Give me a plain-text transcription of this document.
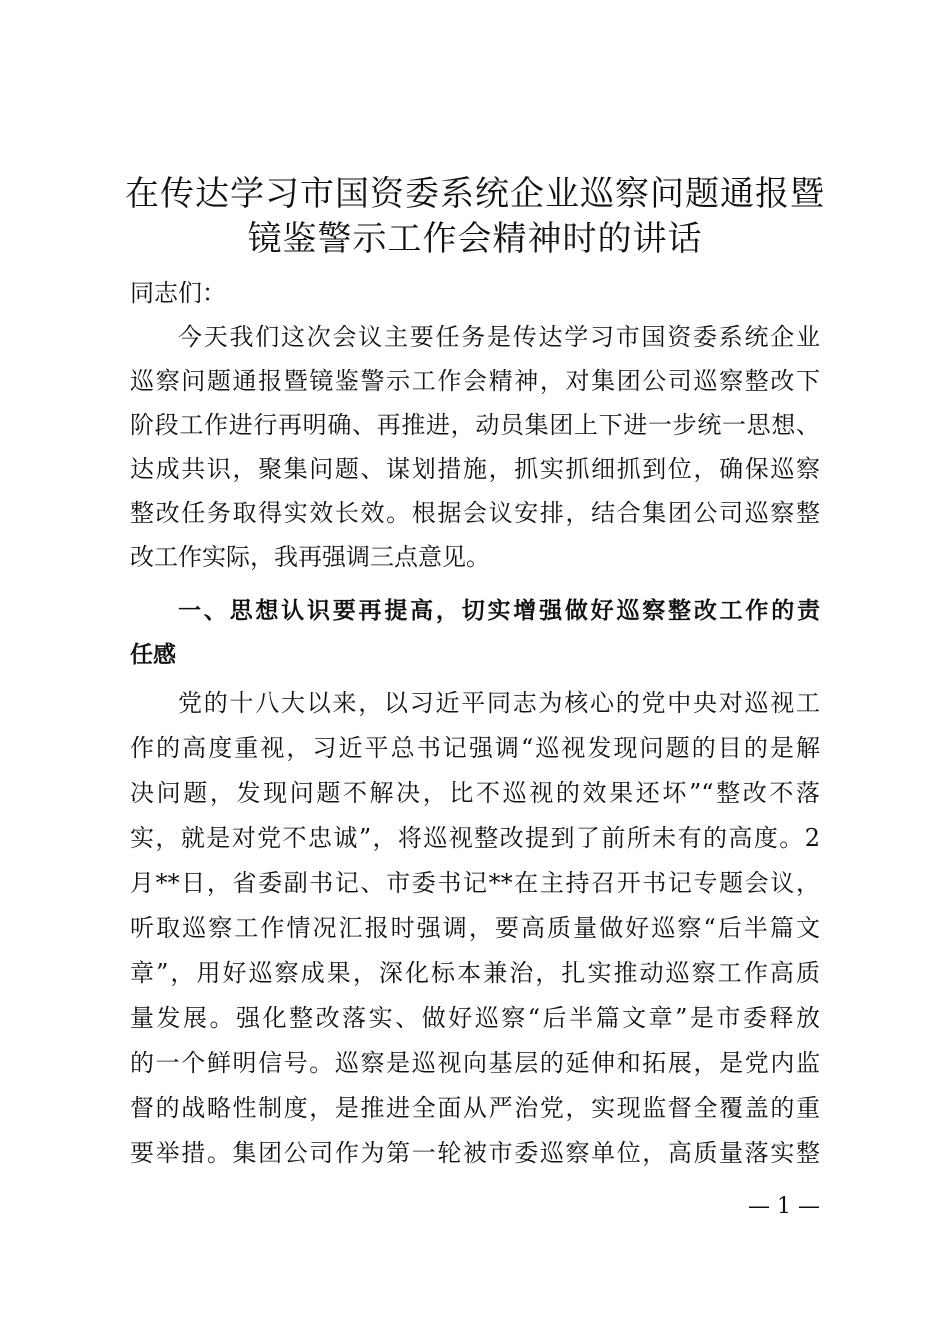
在传达学习市国资委系统企业巡察问题通报暨
镜鉴警示工作会精神时的讲话
同志们：
今天我们这次会议主要任务是传达学习市国资委系统企业
巡察问题通报暨镜鉴警示工作会精神，对集团公司巡察整改下
阶段工作进行再明确、再推进，动员集团上下进一步统一思想、
达成共识，聚集问题、谋划措施，抓实抓细抓到位，确保巡察
整改任务取得实效长效。根据会议安排，结合集团公司巡察整
改工作实际，我再强调三点意见。
一、思想认识要再提高，切实增强做好巡察整改工作的责
任感
党的十八大以来，以习近平同志为核心的党中央对巡视工
作的高度重视，习近平总书记强调“巡视发现问题的目的是解
决问题，发现问题不解决，比不巡视的效果还坏”“整改不落
实，就是对党不忠诚”，将巡视整改提到了前所未有的高度。2
月**日，省委副书记、市委书记**在主持召开书记专题会议，
听取巡察工作情况汇报时强调，要高质量做好巡察“后半篇文
章”，用好巡察成果，深化标本兼治，扎实推动巡察工作高质
量发展。强化整改落实、做好巡察“后半篇文章”是市委释放
的一个鲜明信号。巡察是巡视向基层的延伸和拓展，是党内监
督的战略性制度，是推进全面从严治党，实现监督全覆盖的重
要举措。集团公司作为第一轮被市委巡察单位，高质量落实整
— 1 —
